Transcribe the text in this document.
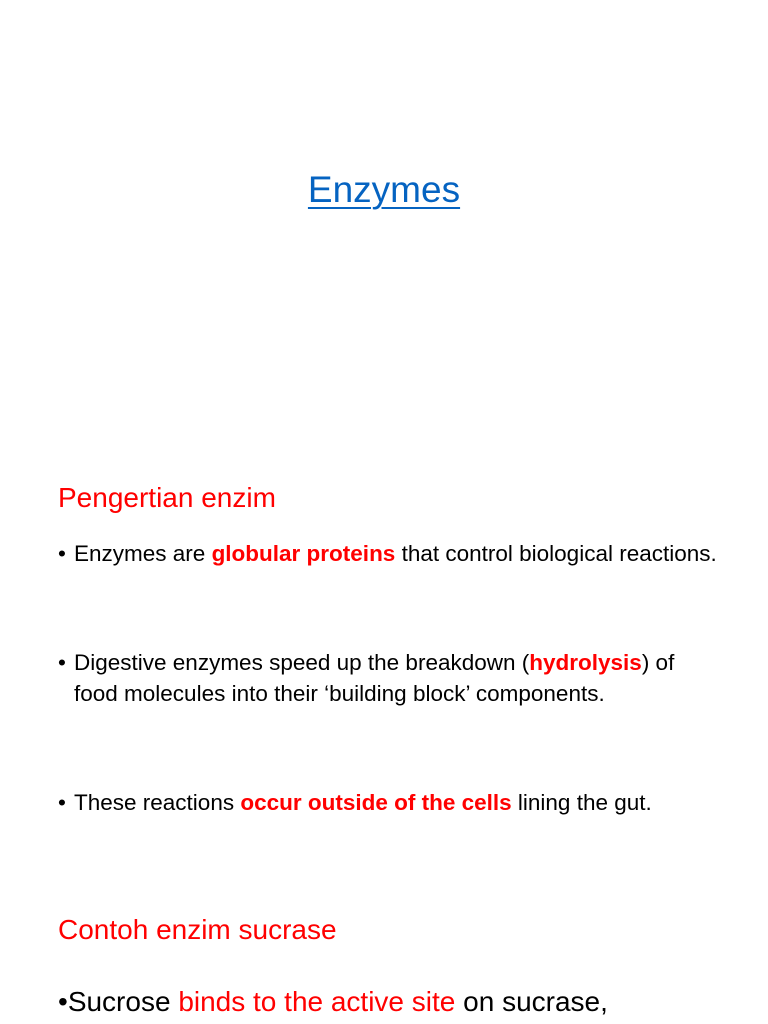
Enzymes
Pengertian enzim
• Enzymes are globular proteins that control biological reactions.
• Digestive enzymes speed up the breakdown (hydrolysis) of food molecules into their ‘building block’ components.
• These reactions occur outside of the cells lining the gut.
Contoh enzim sucrase
•Sucrose binds to the active site on sucrase,
